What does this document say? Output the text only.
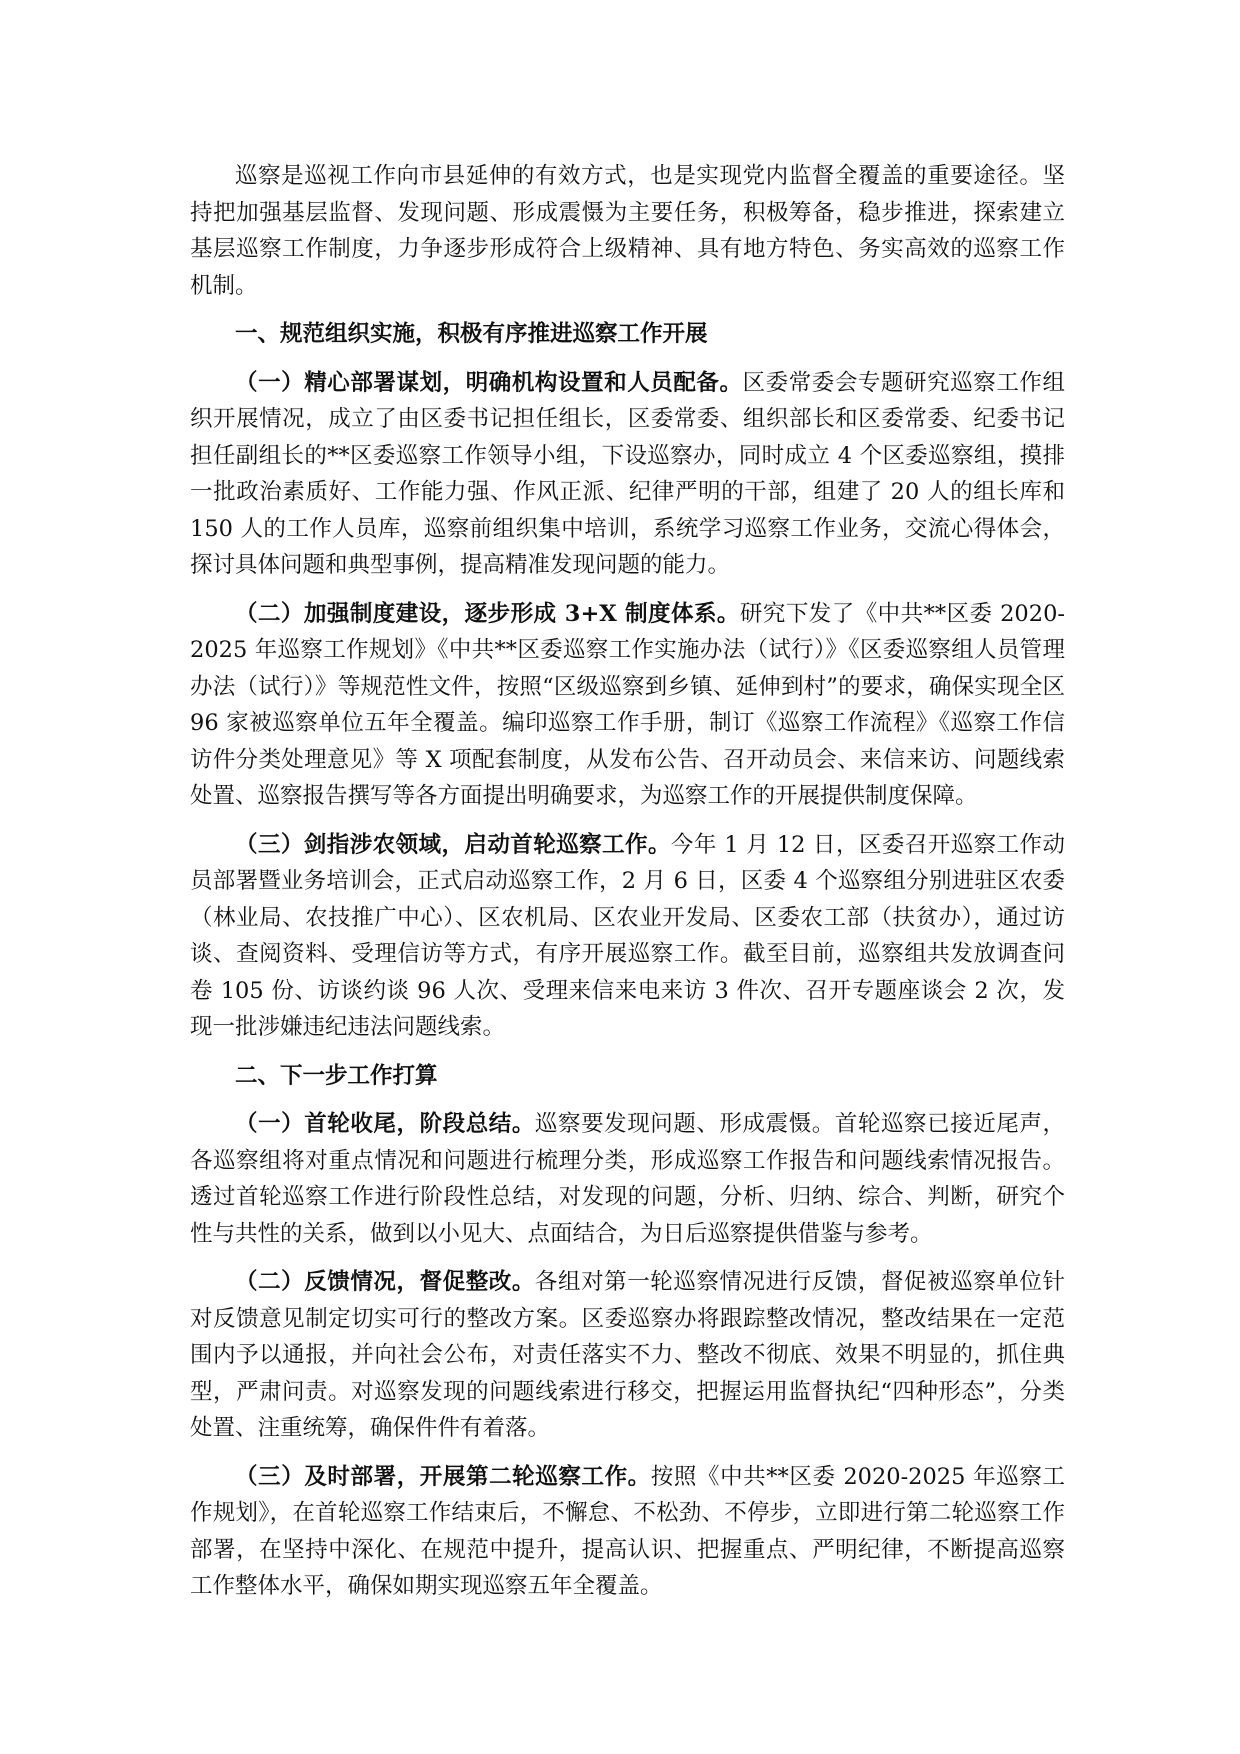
巡察是巡视工作向市县延伸的有效方式，也是实现党内监督全覆盖的重要途径。坚持把加强基层监督、发现问题、形成震慑为主要任务，积极筹备，稳步推进，探索建立基层巡察工作制度，力争逐步形成符合上级精神、具有地方特色、务实高效的巡察工作机制。

一、规范组织实施，积极有序推进巡察工作开展

（一）精心部署谋划，明确机构设置和人员配备。区委常委会专题研究巡察工作组织开展情况，成立了由区委书记担任组长，区委常委、组织部长和区委常委、纪委书记担任副组长的**区委巡察工作领导小组，下设巡察办，同时成立 4 个区委巡察组，摸排一批政治素质好、工作能力强、作风正派、纪律严明的干部，组建了 20 人的组长库和 150 人的工作人员库，巡察前组织集中培训，系统学习巡察工作业务，交流心得体会，探讨具体问题和典型事例，提高精准发现问题的能力。

（二）加强制度建设，逐步形成 3+X 制度体系。研究下发了《中共**区委 2020-2025 年巡察工作规划》《中共**区委巡察工作实施办法（试行）》《区委巡察组人员管理办法（试行）》等规范性文件，按照“区级巡察到乡镇、延伸到村”的要求，确保实现全区 96 家被巡察单位五年全覆盖。编印巡察工作手册，制订《巡察工作流程》《巡察工作信访件分类处理意见》等 X 项配套制度，从发布公告、召开动员会、来信来访、问题线索处置、巡察报告撰写等各方面提出明确要求，为巡察工作的开展提供制度保障。

（三）剑指涉农领域，启动首轮巡察工作。今年 1 月 12 日，区委召开巡察工作动员部署暨业务培训会，正式启动巡察工作，2 月 6 日，区委 4 个巡察组分别进驻区农委（林业局、农技推广中心）、区农机局、区农业开发局、区委农工部（扶贫办），通过访谈、查阅资料、受理信访等方式，有序开展巡察工作。截至目前，巡察组共发放调查问卷 105 份、访谈约谈 96 人次、受理来信来电来访 3 件次、召开专题座谈会 2 次，发现一批涉嫌违纪违法问题线索。

二、下一步工作打算

（一）首轮收尾，阶段总结。巡察要发现问题、形成震慑。首轮巡察已接近尾声，各巡察组将对重点情况和问题进行梳理分类，形成巡察工作报告和问题线索情况报告。透过首轮巡察工作进行阶段性总结，对发现的问题，分析、归纳、综合、判断，研究个性与共性的关系，做到以小见大、点面结合，为日后巡察提供借鉴与参考。

（二）反馈情况，督促整改。各组对第一轮巡察情况进行反馈，督促被巡察单位针对反馈意见制定切实可行的整改方案。区委巡察办将跟踪整改情况，整改结果在一定范围内予以通报，并向社会公布，对责任落实不力、整改不彻底、效果不明显的，抓住典型，严肃问责。对巡察发现的问题线索进行移交，把握运用监督执纪“四种形态”，分类处置、注重统筹，确保件件有着落。

（三）及时部署，开展第二轮巡察工作。按照《中共**区委 2020-2025 年巡察工作规划》，在首轮巡察工作结束后，不懈怠、不松劲、不停步，立即进行第二轮巡察工作部署，在坚持中深化、在规范中提升，提高认识、把握重点、严明纪律，不断提高巡察工作整体水平，确保如期实现巡察五年全覆盖。
